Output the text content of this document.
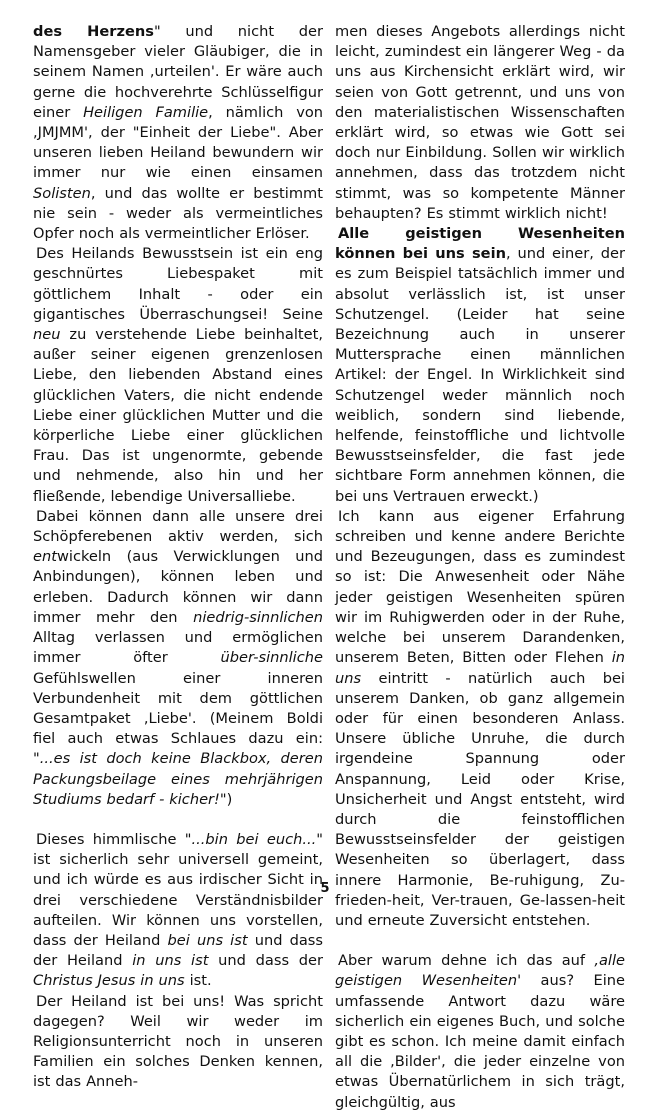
des Herzens" und nicht der Namensgeber vieler Gläubiger, die in seinem Namen ,urteilen'. Er wäre auch gerne die hochverehrte Schlüsselfigur einer Heiligen Familie, nämlich von ,JMJMM', der "Einheit der Liebe". Aber unseren lieben Heiland bewundern wir immer nur wie einen einsamen Solisten, und das wollte er bestimmt nie sein - weder als vermeintliches Opfer noch als vermeintlicher Erlöser.

Des Heilands Bewusstsein ist ein eng geschnürtes Liebespaket mit göttlichem Inhalt - oder ein gigantisches Überraschungsei! Seine neu zu verstehende Liebe beinhaltet, außer seiner eigenen grenzenlosen Liebe, den liebenden Abstand eines glücklichen Vaters, die nicht endende Liebe einer glücklichen Mutter und die körperliche Liebe einer glücklichen Frau. Das ist ungenormte, gebende und nehmende, also hin und her fließende, lebendige Universalliebe.

Dabei können dann alle unsere drei Schöpferebenen aktiv werden, sich entwickeln (aus Verwicklungen und Anbindungen), können leben und erleben. Dadurch können wir dann immer mehr den niedrig-sinnlichen Alltag verlassen und ermöglichen immer öfter über-sinnliche Gefühlswellen einer inneren Verbundenheit mit dem göttlichen Gesamtpaket ,Liebe'. (Meinem Boldi fiel auch etwas Schlaues dazu ein: "...es ist doch keine Blackbox, deren Packungsbeilage eines mehrjährigen Studiums bedarf - kicher!")

Dieses himmlische "...bin bei euch..." ist sicherlich sehr universell gemeint, und ich würde es aus irdischer Sicht in drei verschiedene Verständnisbilder aufteilen. Wir können uns vorstellen, dass der Heiland bei uns ist und dass der Heiland in uns ist und dass der Christus Jesus in uns ist.

Der Heiland ist bei uns! Was spricht dagegen? Weil wir weder im Religionsunterricht noch in unseren Familien ein solches Denken kennen, ist das Anneh-

men dieses Angebots allerdings nicht leicht, zumindest ein längerer Weg - da uns aus Kirchensicht erklärt wird, wir seien von Gott getrennt, und uns von den materialistischen Wissenschaften erklärt wird, so etwas wie Gott sei doch nur Einbildung. Sollen wir wirklich annehmen, dass das trotzdem nicht stimmt, was so kompetente Männer behaupten? Es stimmt wirklich nicht!

Alle geistigen Wesenheiten können bei uns sein, und einer, der es zum Beispiel tatsächlich immer und absolut verlässlich ist, ist unser Schutzengel. (Leider hat seine Bezeichnung auch in unserer Muttersprache einen männlichen Artikel: der Engel. In Wirklichkeit sind Schutzengel weder männlich noch weiblich, sondern sind liebende, helfende, feinstoffliche und lichtvolle Bewusstseinsfelder, die fast jede sichtbare Form annehmen können, die bei uns Vertrauen erweckt.)

Ich kann aus eigener Erfahrung schreiben und kenne andere Berichte und Bezeugungen, dass es zumindest so ist: Die Anwesenheit oder Nähe jeder geistigen Wesenheiten spüren wir im Ruhigwerden oder in der Ruhe, welche bei unserem Darandenken, unserem Beten, Bitten oder Flehen in uns eintritt - natürlich auch bei unserem Danken, ob ganz allgemein oder für einen besonderen Anlass. Unsere übliche Unruhe, die durch irgendeine Spannung oder Anspannung, Leid oder Krise, Unsicherheit und Angst entsteht, wird durch die feinstofflichen Bewusstseinsfelder der geistigen Wesenheiten so überlagert, dass innere Harmonie, Be-ruhigung, Zu-frieden-heit, Ver-trauen, Ge-lassen-heit und erneute Zuversicht entstehen.

Aber warum dehne ich das auf ,alle geistigen Wesenheiten' aus? Eine umfassende Antwort dazu wäre sicherlich ein eigenes Buch, und solche gibt es schon. Ich meine damit einfach all die ,Bilder', die jeder einzelne von etwas Übernatürlichem in sich trägt, gleichgültig, aus

5
